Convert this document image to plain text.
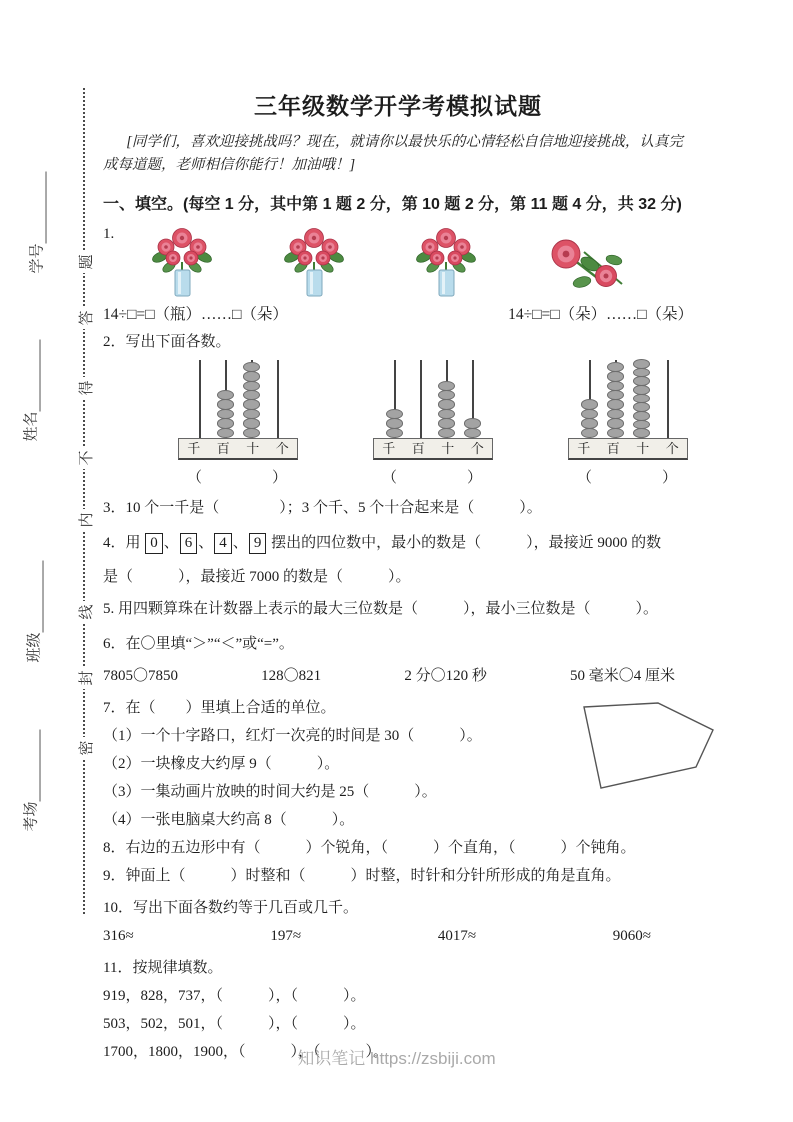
学号
姓名
班级
考场
题
答
得
不
内
线
封
密
三年级数学开学考模拟试题

[同学们，喜欢迎接挑战吗？现在，就请你以最快乐的心情轻松自信地迎接挑战，认真完成每道题，老师相信你能行！加油哦！]

一、填空。(每空 1 分，其中第 1 题 2 分，第 10 题 2 分，第 11 题 4 分，共 32 分)
1.
14÷□=□（瓶）……□（朵）	14÷□=□（朵）……□（朵）
2．写出下面各数。
千 百 十 个
（　　　　）
千 百 十 个
（　　　　）
千 百 十 个
（　　　　）
3．10 个一千是（　　　　）；3 个千、5 个十合起来是（　　　）。
4．用 0 、 6 、 4 、 9 摆出的四位数中，最小的数是（　　　），最接近 9000 的数
是（　　　），最接近 7000 的数是（　　　）。
5. 用四颗算珠在计数器上表示的最大三位数是（　　　），最小三位数是（　　　）。
6．在〇里填“＞”“＜”或“=”。
7805〇7850	128〇821	2 分〇120 秒	50 毫米〇4 厘米
7．在（　　）里填上合适的单位。
（1）一个十字路口，红灯一次亮的时间是 30（　　　）。
（2）一块橡皮大约厚 9（　　　）。
（3）一集动画片放映的时间大约是 25（　　　）。
（4）一张电脑桌大约高 8（　　　）。
8．右边的五边形中有（　　　）个锐角，（　　　）个直角，（　　　）个钝角。
9．钟面上（　　　）时整和（　　　）时整，时针和分针所形成的角是直角。
10．写出下面各数约等于几百或几千。
316≈	197≈	4017≈	9060≈
11．按规律填数。
919，828，737，（　　　），（　　　）。
503，502，501，（　　　），（　　　）。
1700，1800，1900，（　　　），（　　　）。
知识笔记 https://zsbiji.com
